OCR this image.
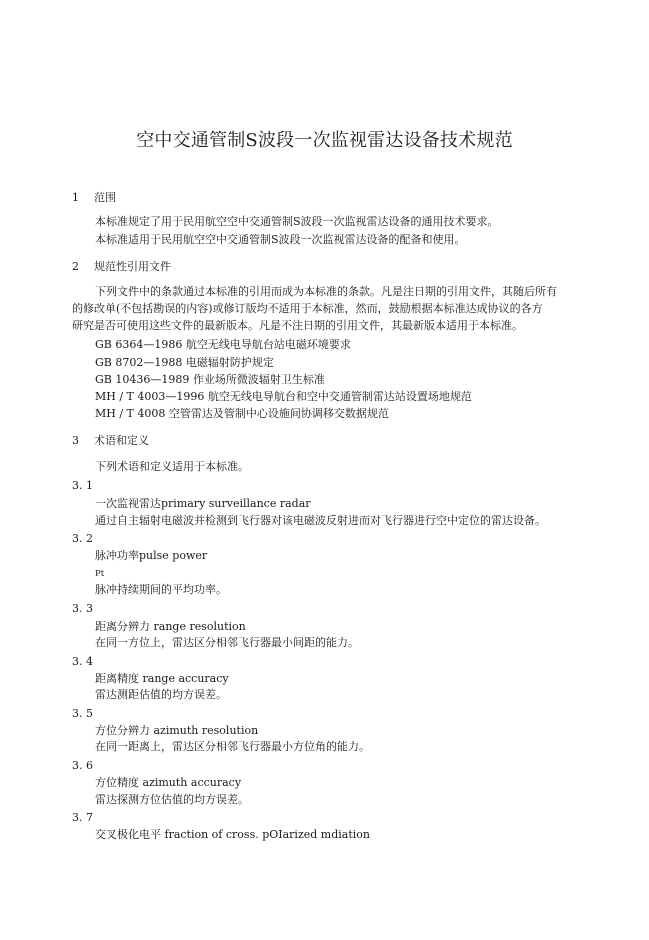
空中交通管制S波段一次监视雷达设备技术规范
1 范围
本标准规定了用于民用航空空中交通管制S波段一次监视雷达设备的通用技术要求。
本标准适用于民用航空空中交通管制S波段一次监视雷达设备的配备和使用。
2 规范性引用文件
下列文件中的条款通过本标准的引用而成为本标准的条款。凡是注日期的引用文件，其随后所有
的修改单(不包括勘误的内容)或修订版均不适用于本标准，然而，鼓励根据本标准达成协议的各方
研究是否可使用这些文件的最新版本。凡是不注日期的引用文件，其最新版本适用于本标准。
GB 6364—1986 航空无线电导航台站电磁环境要求
GB 8702—1988 电磁辐射防护规定
GB 10436—1989 作业场所微波辐射卫生标准
MH / T 4003—1996 航空无线电导航台和空中交通管制雷达站设置场地规范
MH / T 4008 空管雷达及管制中心设施间协调移交数据规范
3 术语和定义
下列术语和定义适用于本标准。
3. 1
一次监视雷达primary surveillance radar
通过自主辐射电磁波并检测到飞行器对该电磁波反射进而对飞行器进行空中定位的雷达设备。
3. 2
脉冲功率pulse power
Pt
脉冲持续期间的平均功率。
3. 3
距离分辨力 range resolution
在同一方位上，雷达区分相邻飞行器最小间距的能力。
3. 4
距离精度 range accuracy
雷达测距估值的均方误差。
3. 5
方位分辨力 azimuth resolution
在同一距离上，雷达区分相邻飞行器最小方位角的能力。
3. 6
方位精度 azimuth accuracy
雷达探测方位估值的均方误差。
3. 7
交叉极化电平 fraction of cross. pOIarized mdiation
